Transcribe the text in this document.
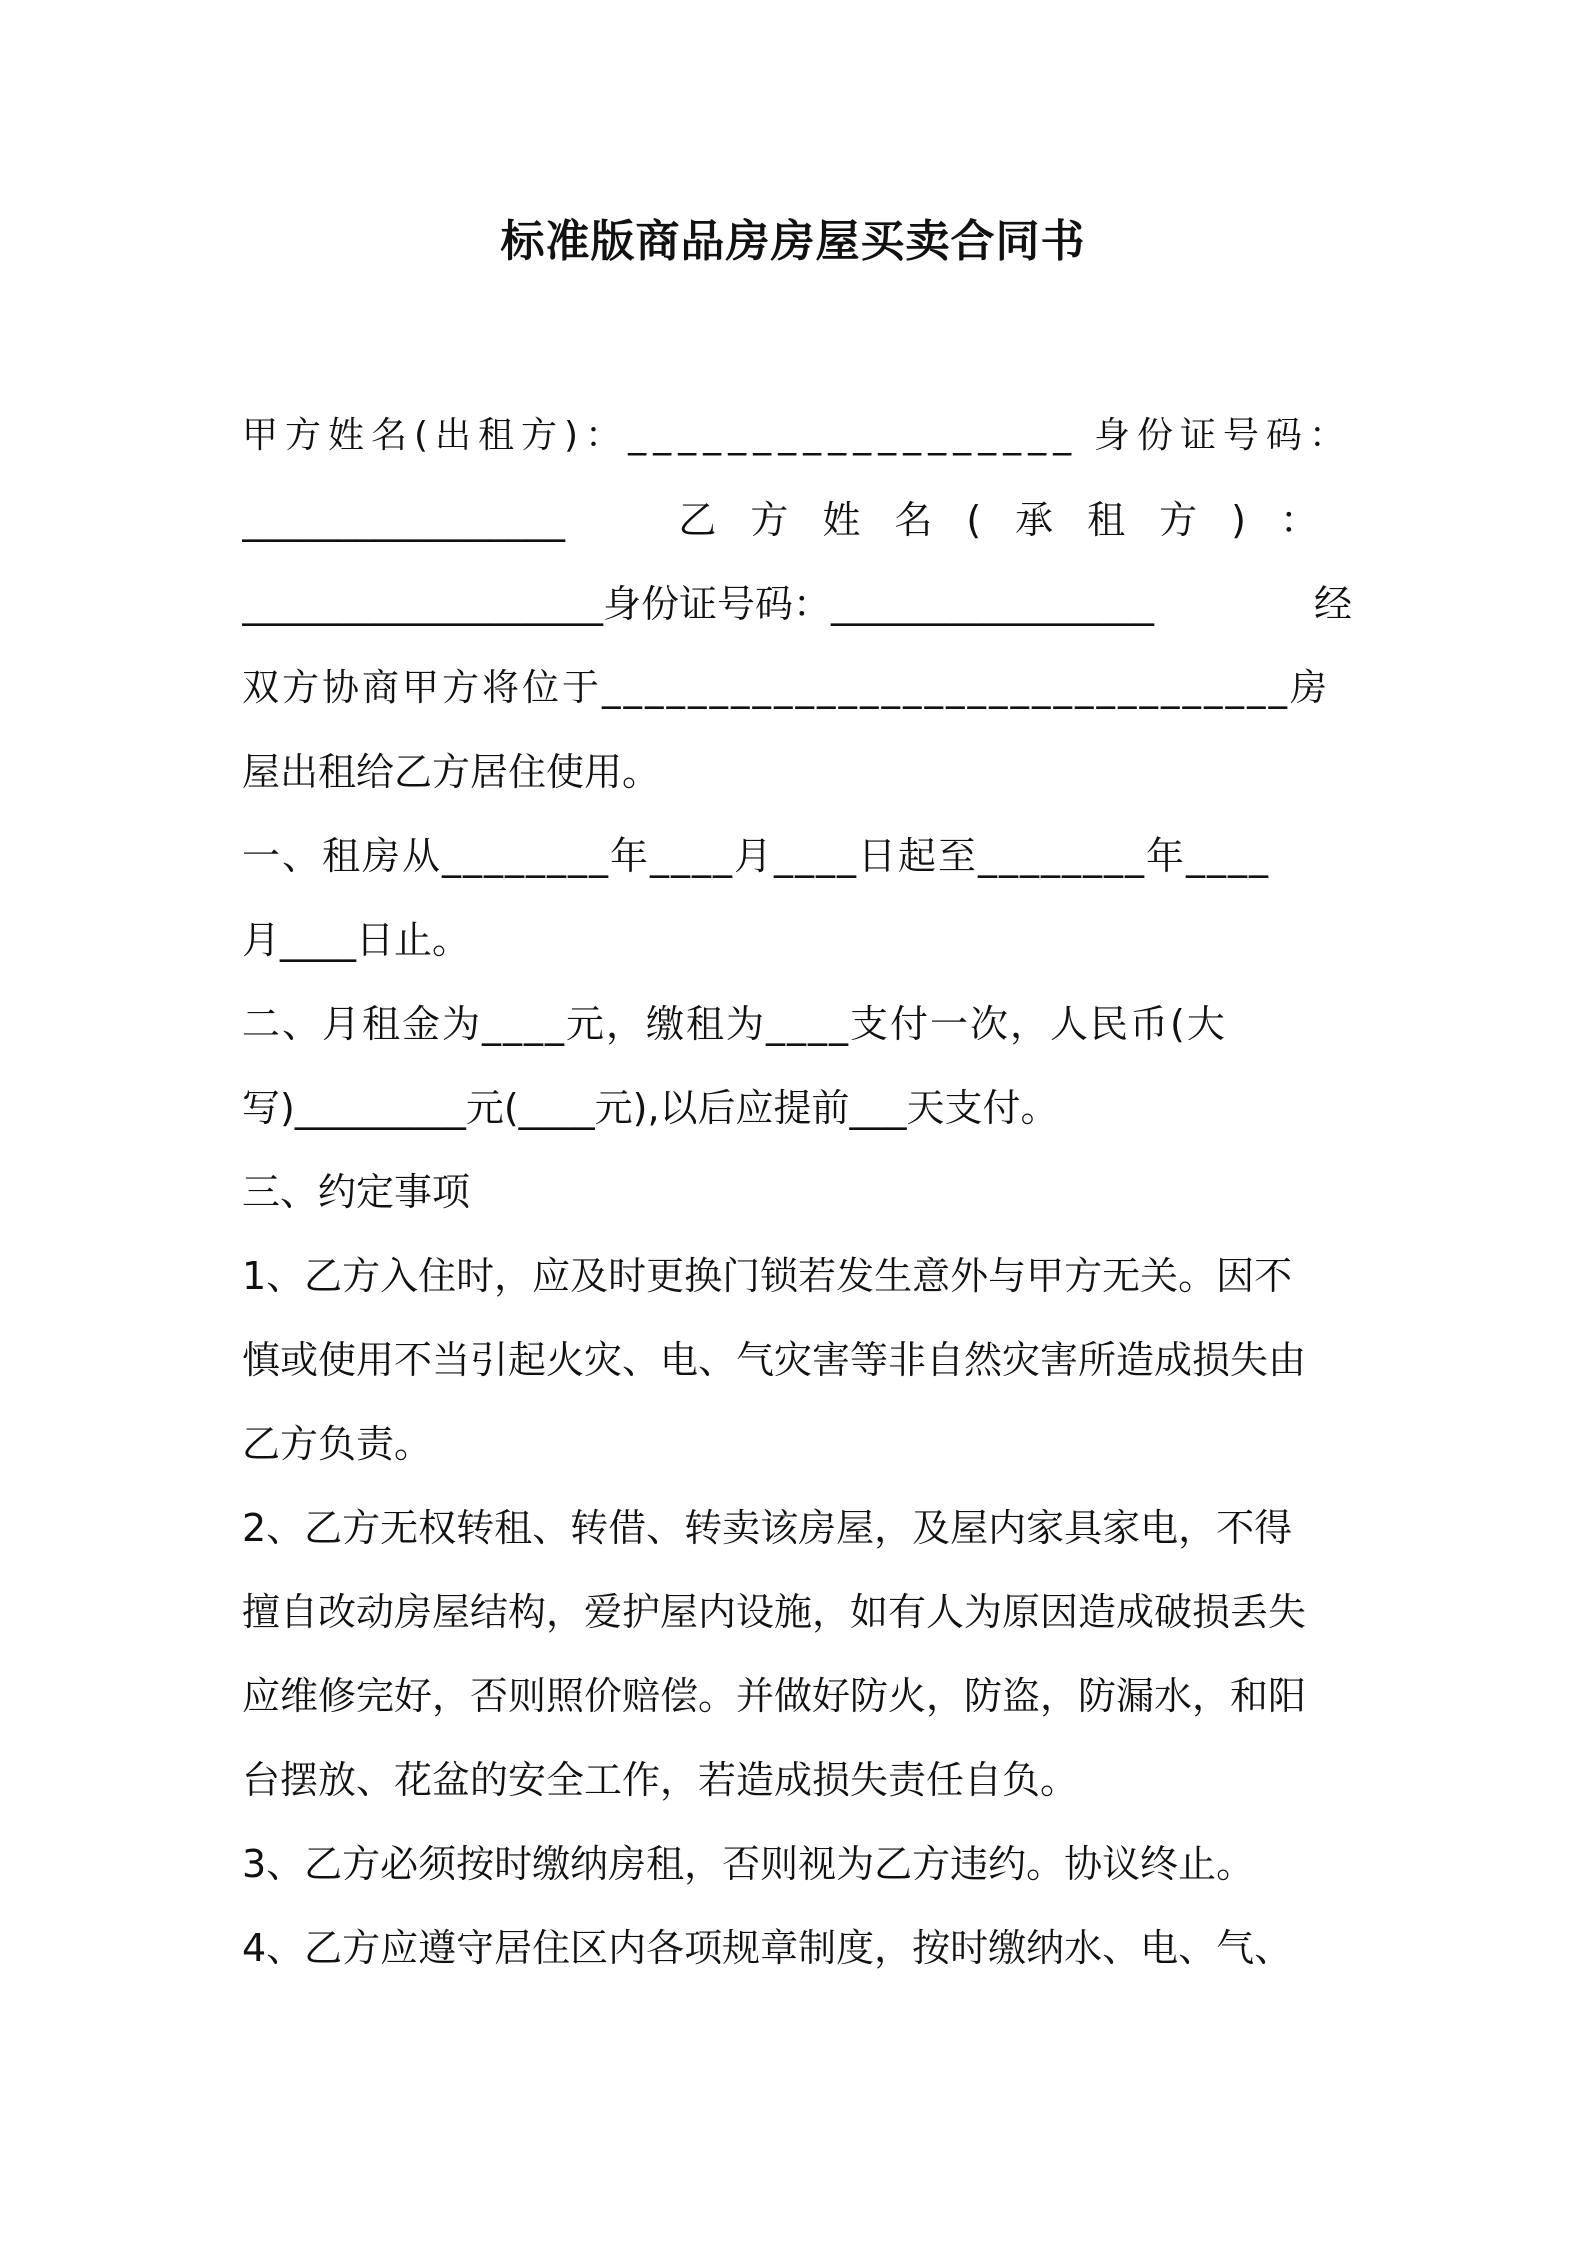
标准版商品房房屋买卖合同书
甲方姓名(出租方)：__________________ 身份证号码：
_________________	乙方姓名(承租方)：
___________________身份证号码：_________________	经
双方协商甲方将位于________________________________房
屋出租给乙方居住使用。
一、租房从________年____月____日起至________年____
月____日止。
二、月租金为____元，缴租为____支付一次，人民币(大
写)_________元(____元),以后应提前___天支付。
三、约定事项
1、乙方入住时，应及时更换门锁若发生意外与甲方无关。因不
慎或使用不当引起火灾、电、气灾害等非自然灾害所造成损失由
乙方负责。
2、乙方无权转租、转借、转卖该房屋，及屋内家具家电，不得
擅自改动房屋结构，爱护屋内设施，如有人为原因造成破损丢失
应维修完好，否则照价赔偿。并做好防火，防盗，防漏水，和阳
台摆放、花盆的安全工作，若造成损失责任自负。
3、乙方必须按时缴纳房租，否则视为乙方违约。协议终止。
4、乙方应遵守居住区内各项规章制度，按时缴纳水、电、气、
